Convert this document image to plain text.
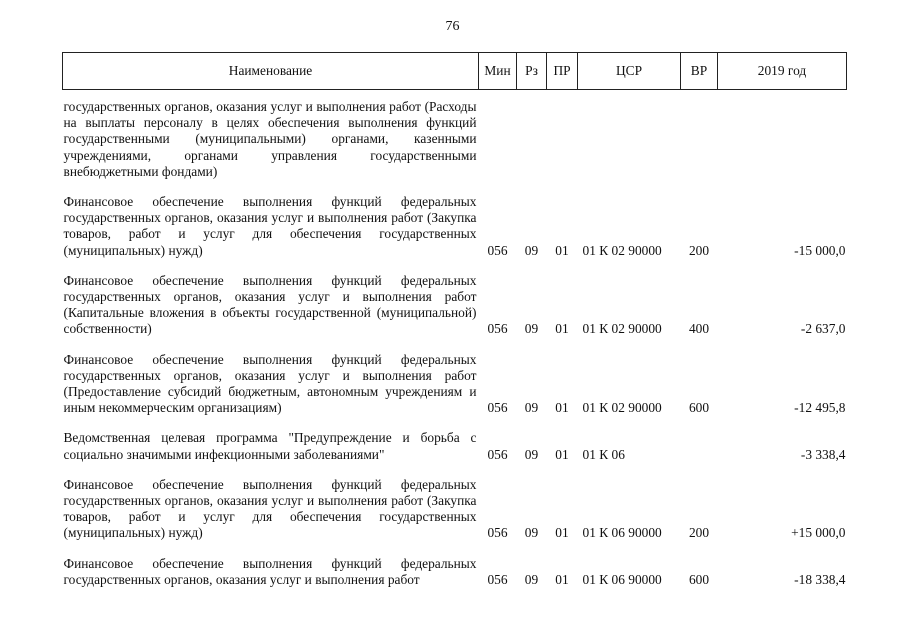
76
Наименование	Мин	Рз	ПР	ЦСР	ВР	2019 год
государственных органов, оказания услуг и выполнения работ (Расходы на выплаты персоналу в целях обеспечения выполнения функций государственными (муниципальными) органами, казенными учреждениями, органами управления государственными внебюджетными фондами)						
Финансовое обеспечение выполнения функций федеральных государственных органов, оказания услуг и выполнения работ (Закупка товаров, работ и услуг для обеспечения государственных (муниципальных) нужд)	056	09	01	01 К 02 90000	200	-15 000,0
Финансовое обеспечение выполнения функций федеральных государственных органов, оказания услуг и выполнения работ (Капитальные вложения в объекты государственной (муниципальной) собственности)	056	09	01	01 К 02 90000	400	-2 637,0
Финансовое обеспечение выполнения функций федеральных государственных органов, оказания услуг и выполнения работ (Предоставление субсидий бюджетным, автономным учреждениям и иным некоммерческим организациям)	056	09	01	01 К 02 90000	600	-12 495,8
Ведомственная целевая программа "Предупреждение и борьба с социально значимыми инфекционными заболеваниями"	056	09	01	01 К 06		-3 338,4
Финансовое обеспечение выполнения функций федеральных государственных органов, оказания услуг и выполнения работ (Закупка товаров, работ и услуг для обеспечения государственных (муниципальных) нужд)	056	09	01	01 К 06 90000	200	+15 000,0
Финансовое обеспечение выполнения функций федеральных государственных органов, оказания услуг и выполнения работ	056	09	01	01 К 06 90000	600	-18 338,4
